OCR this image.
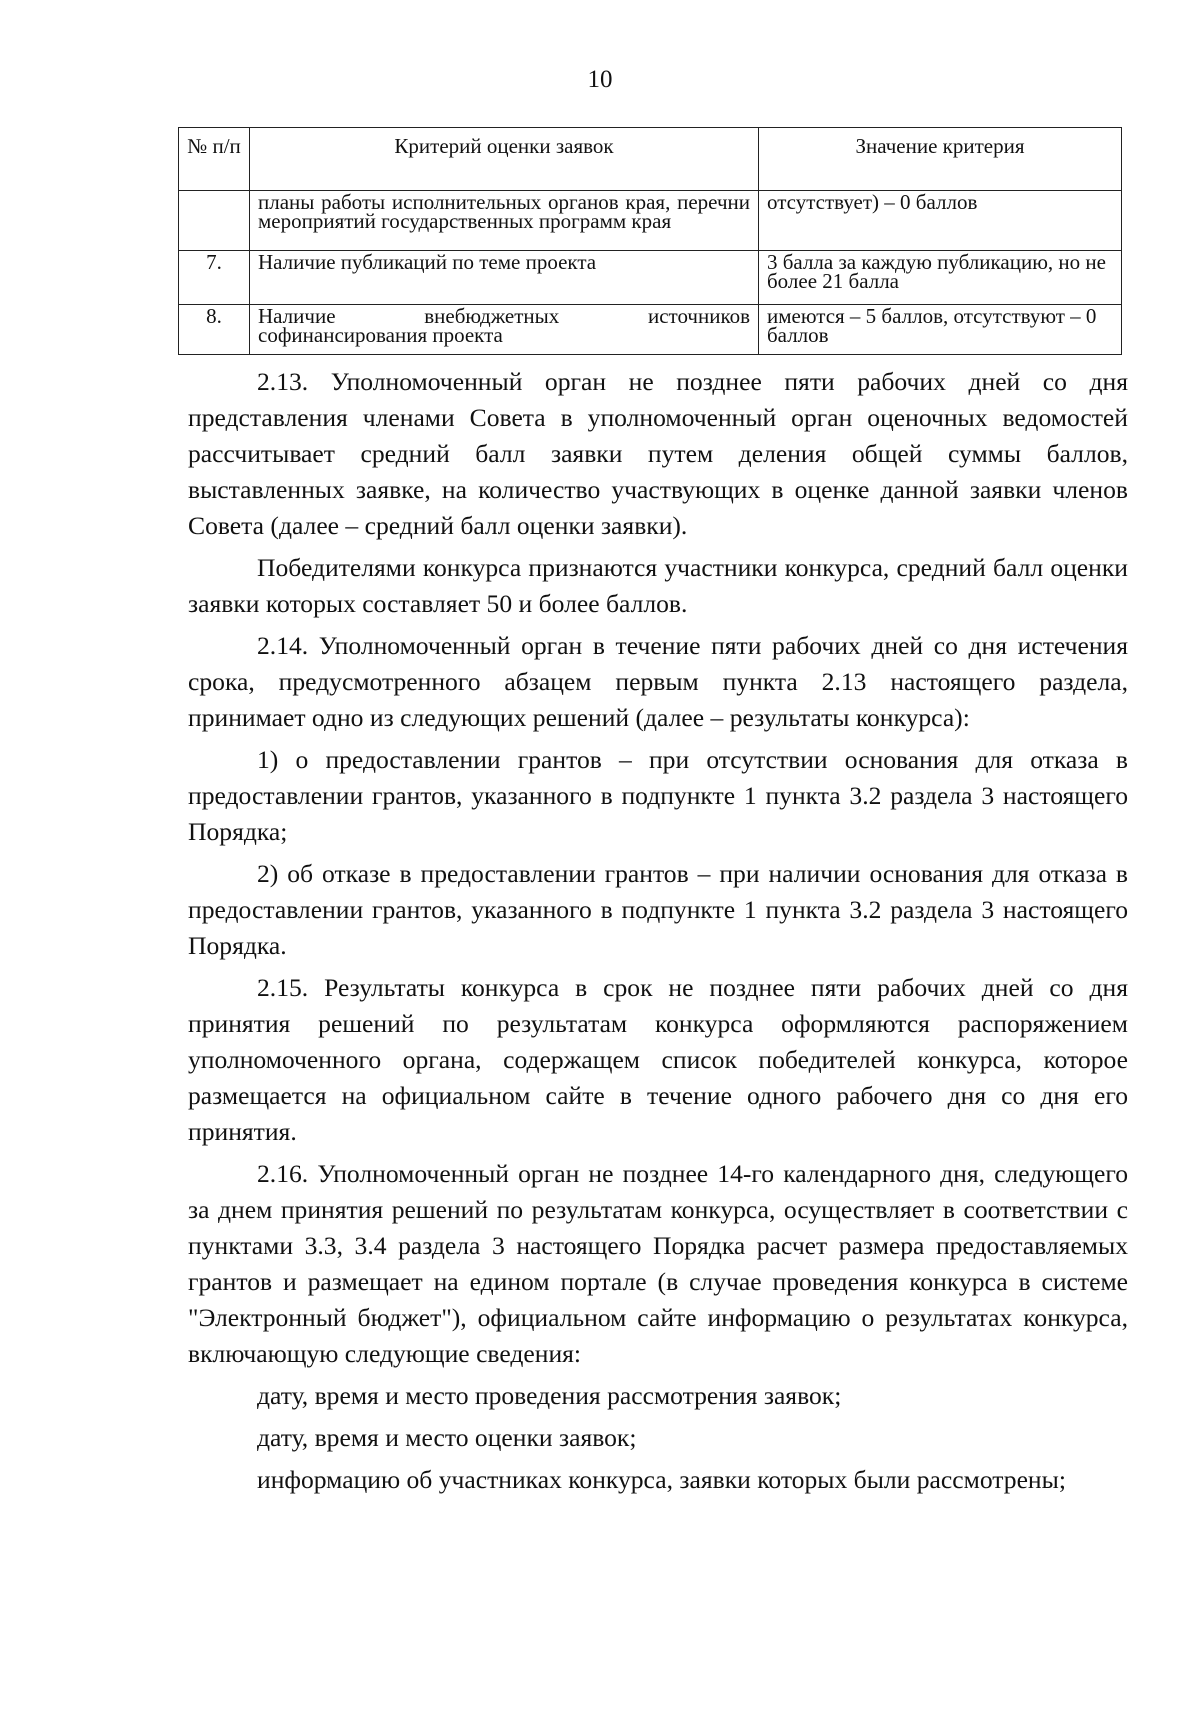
10
№ п/п	Критерий оценки заявок	Значение критерия
	планы работы исполнительных органов края, перечни мероприятий государственных программ края	отсутствует) – 0 баллов
7.	Наличие публикаций по теме проекта	3 балла за каждую публикацию, но не более 21 балла
8.	Наличие внебюджетных источников софинансирования проекта	имеются – 5 баллов, отсутствуют – 0 баллов

2.13. Уполномоченный орган не позднее пяти рабочих дней со дня представления членами Совета в уполномоченный орган оценочных ведомостей рассчитывает средний балл заявки путем деления общей суммы баллов, выставленных заявке, на количество участвующих в оценке данной заявки членов Совета (далее – средний балл оценки заявки).

Победителями конкурса признаются участники конкурса, средний балл оценки заявки которых составляет 50 и более баллов.

2.14. Уполномоченный орган в течение пяти рабочих дней со дня истечения срока, предусмотренного абзацем первым пункта 2.13 настоящего раздела, принимает одно из следующих решений (далее – результаты конкурса):

1) о предоставлении грантов – при отсутствии основания для отказа в предоставлении грантов, указанного в подпункте 1 пункта 3.2 раздела 3 настоящего Порядка;

2) об отказе в предоставлении грантов – при наличии основания для отказа в предоставлении грантов, указанного в подпункте 1 пункта 3.2 раздела 3 настоящего Порядка.

2.15. Результаты конкурса в срок не позднее пяти рабочих дней со дня принятия решений по результатам конкурса оформляются распоряжением уполномоченного органа, содержащем список победителей конкурса, которое размещается на официальном сайте в течение одного рабочего дня со дня его принятия.

2.16. Уполномоченный орган не позднее 14-го календарного дня, следующего за днем принятия решений по результатам конкурса, осуществляет в соответствии с пунктами 3.3, 3.4 раздела 3 настоящего Порядка расчет размера предоставляемых грантов и размещает на едином портале (в случае проведения конкурса в системе "Электронный бюджет"), официальном сайте информацию о результатах конкурса, включающую следующие сведения:

дату, время и место проведения рассмотрения заявок;

дату, время и место оценки заявок;

информацию об участниках конкурса, заявки которых были рассмотрены;
